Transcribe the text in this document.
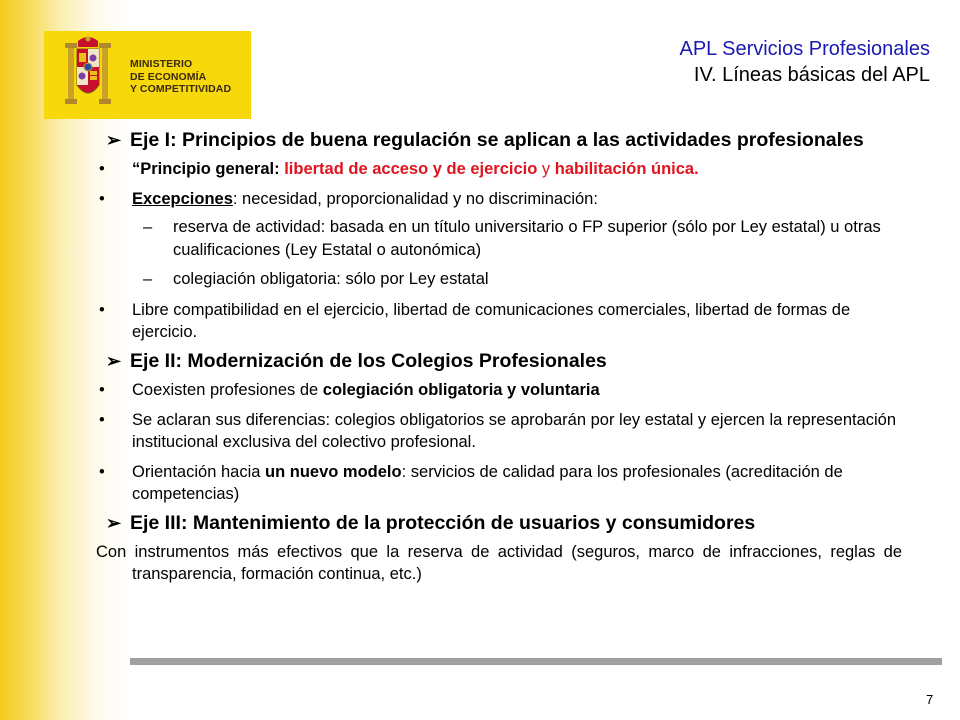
MINISTERIO
DE ECONOMÍA
Y COMPETITIVIDAD
APL Servicios Profesionales
IV. Líneas básicas del APL

➢ Eje I: Principios de buena regulación se aplican a las actividades profesionales

• “Principio general: libertad de acceso y de ejercicio y habilitación única.

• Excepciones: necesidad, proporcionalidad y no discriminación:

– reserva de actividad: basada en un título universitario o FP superior (sólo por Ley estatal) u otras cualificaciones (Ley Estatal o autonómica)

– colegiación obligatoria: sólo por Ley estatal

• Libre compatibilidad en el ejercicio, libertad de comunicaciones comerciales, libertad de formas de ejercicio.

➢ Eje II: Modernización de los Colegios Profesionales

• Coexisten profesiones de colegiación obligatoria y voluntaria

• Se aclaran sus diferencias: colegios obligatorios se aprobarán por ley estatal y ejercen la representación institucional exclusiva del colectivo profesional.

• Orientación hacia un nuevo modelo: servicios de calidad para los profesionales (acreditación de competencias)

➢ Eje III: Mantenimiento de la protección de usuarios y consumidores

Con instrumentos más efectivos que la reserva de actividad (seguros, marco de infracciones, reglas de transparencia, formación continua, etc.)

7
